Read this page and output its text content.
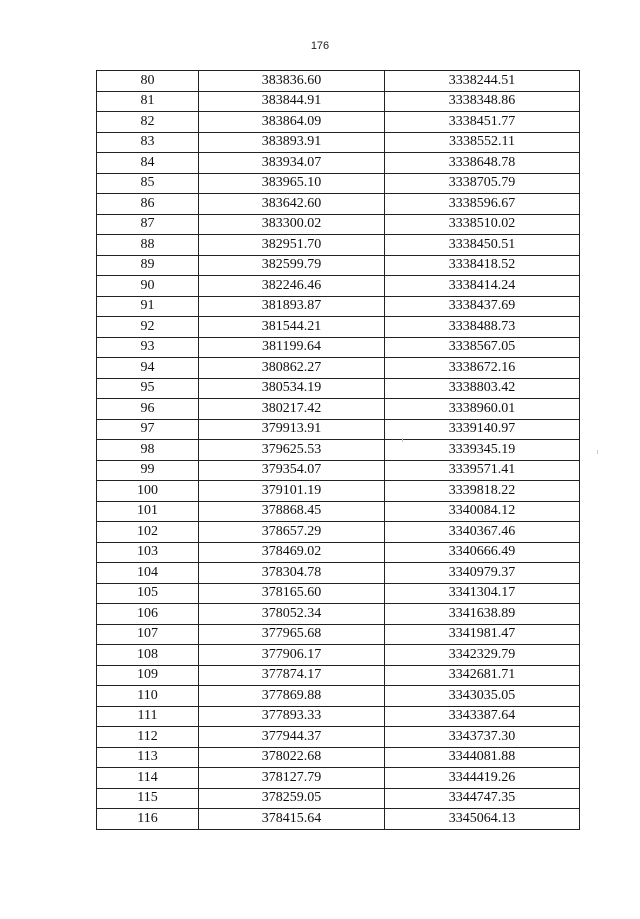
176
80	383836.60	3338244.51
81	383844.91	3338348.86
82	383864.09	3338451.77
83	383893.91	3338552.11
84	383934.07	3338648.78
85	383965.10	3338705.79
86	383642.60	3338596.67
87	383300.02	3338510.02
88	382951.70	3338450.51
89	382599.79	3338418.52
90	382246.46	3338414.24
91	381893.87	3338437.69
92	381544.21	3338488.73
93	381199.64	3338567.05
94	380862.27	3338672.16
95	380534.19	3338803.42
96	380217.42	3338960.01
97	379913.91	3339140.97
98	379625.53	3339345.19
99	379354.07	3339571.41
100	379101.19	3339818.22
101	378868.45	3340084.12
102	378657.29	3340367.46
103	378469.02	3340666.49
104	378304.78	3340979.37
105	378165.60	3341304.17
106	378052.34	3341638.89
107	377965.68	3341981.47
108	377906.17	3342329.79
109	377874.17	3342681.71
110	377869.88	3343035.05
111	377893.33	3343387.64
112	377944.37	3343737.30
113	378022.68	3344081.88
114	378127.79	3344419.26
115	378259.05	3344747.35
116	378415.64	3345064.13
